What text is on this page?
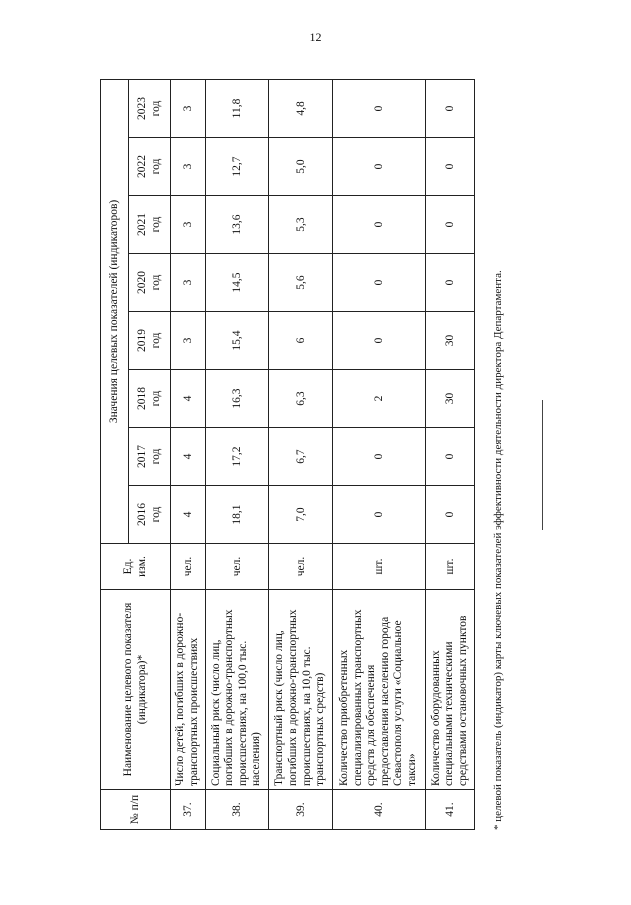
12
№ п/п	Наименование целевого показателя (индикатора)*	Ед. изм.	Значения целевых показателей (индикаторов)							

			2016 год	2017 год	2018 год	2019 год	2020 год	2021 год	2022 год	2023 год

37.	Число детей, погибших в дорожно-транспортных происшествиях	чел.	4	4	4	3	3	3	3	3
38.	Социальный риск (число лиц, погибших в дорожно-транспортных происшествиях, на 100,0 тыс. населения)	чел.	18,1	17,2	16,3	15,4	14,5	13,6	12,7	11,8
39.	Транспортный риск (число лиц, погибших в дорожно-транспортных происшествиях, на 10,0 тыс. транспортных средств)	чел.	7,0	6,7	6,3	6	5,6	5,3	5,0	4,8
40.	Количество приобретенных специализированных транспортных средств для обеспечения предоставления населению города Севастополя услуги «Социальное такси»	шт.	0	0	2	0	0	0	0	0
41.	Количество оборудованных специальными техническими средствами остановочных пунктов	шт.	0	0	30	30	0	0	0	0
* целевой показатель (индикатор) карты ключевых показателей эффективности деятельности директора Департамента.
